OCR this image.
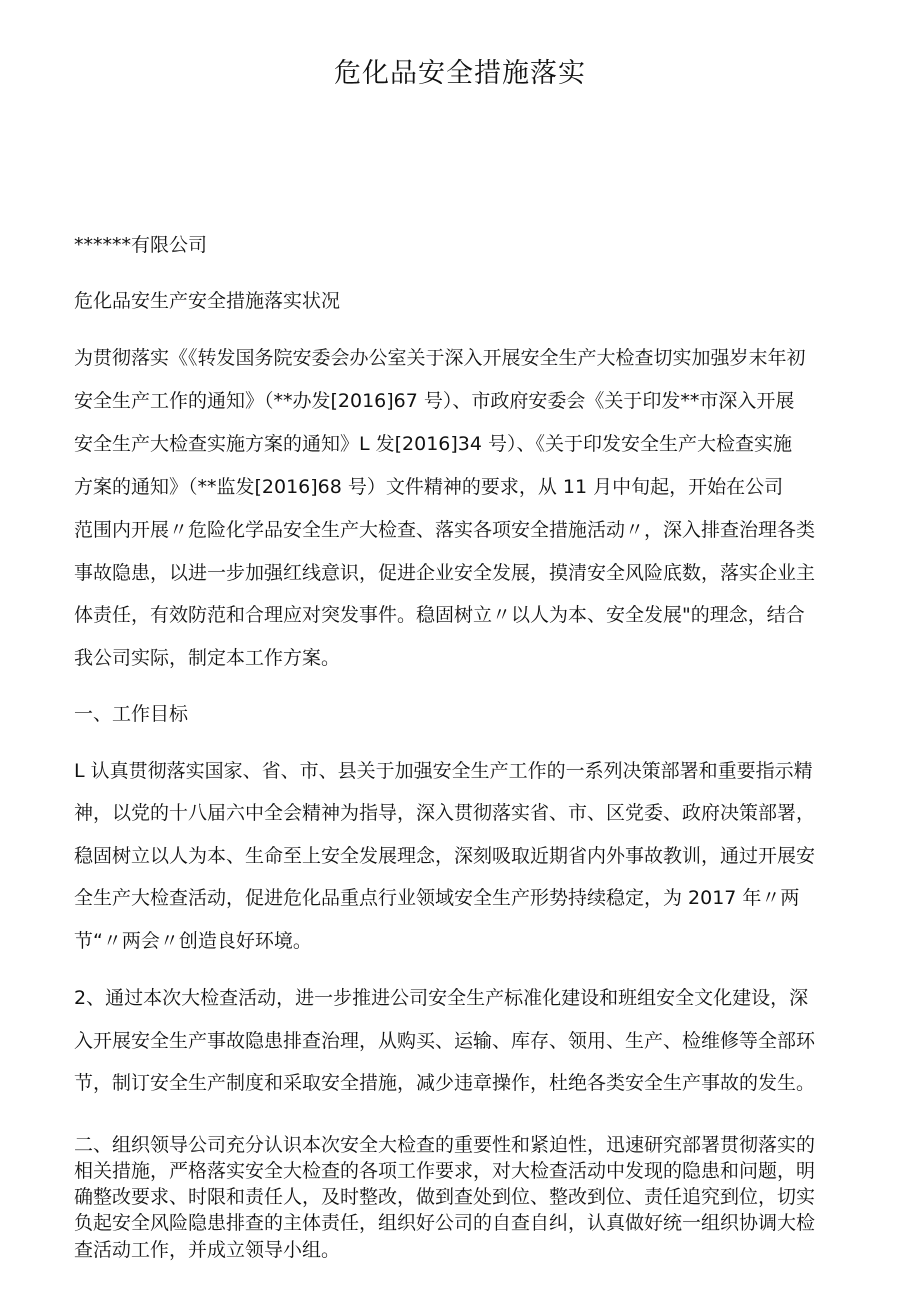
危化品安全措施落实
******有限公司
危化品安生产安全措施落实状况
为贯彻落实《《转发国务院安委会办公室关于深入开展安全生产大检查切实加强岁末年初
安全生产工作的通知》（**办发[2016]67 号）、市政府安委会《关于印发**市深入开展
安全生产大检查实施方案的通知》L 发[2016]34 号）、《关于印发安全生产大检查实施
方案的通知》（**监发[2016]68 号）文件精神的要求，从 11 月中旬起，开始在公司
范围内开展〃危险化学品安全生产大检查、落实各项安全措施活动〃，深入排查治理各类
事故隐患，以进一步加强红线意识，促进企业安全发展，摸清安全风险底数，落实企业主
体责任，有效防范和合理应对突发事件。稳固树立〃以人为本、安全发展"的理念，结合
我公司实际，制定本工作方案。
一、工作目标
L 认真贯彻落实国家、省、市、县关于加强安全生产工作的一系列决策部署和重要指示精
神，以党的十八届六中全会精神为指导，深入贯彻落实省、市、区党委、政府决策部署，
稳固树立以人为本、生命至上安全发展理念，深刻吸取近期省内外事故教训，通过开展安
全生产大检查活动，促进危化品重点行业领域安全生产形势持续稳定，为 2017 年〃两
节“〃两会〃创造良好环境。
2、通过本次大检查活动，进一步推进公司安全生产标准化建设和班组安全文化建设，深
入开展安全生产事故隐患排查治理，从购买、运输、库存、领用、生产、检维修等全部环
节，制订安全生产制度和采取安全措施，减少违章操作，杜绝各类安全生产事故的发生。
二、组织领导公司充分认识本次安全大检查的重要性和紧迫性，迅速研究部署贯彻落实的
相关措施，严格落实安全大检查的各项工作要求，对大检查活动中发现的隐患和问题，明
确整改要求、时限和责任人，及时整改，做到查处到位、整改到位、责任追究到位，切实
负起安全风险隐患排查的主体责任，组织好公司的自查自纠，认真做好统一组织协调大检
查活动工作，并成立领导小组。
